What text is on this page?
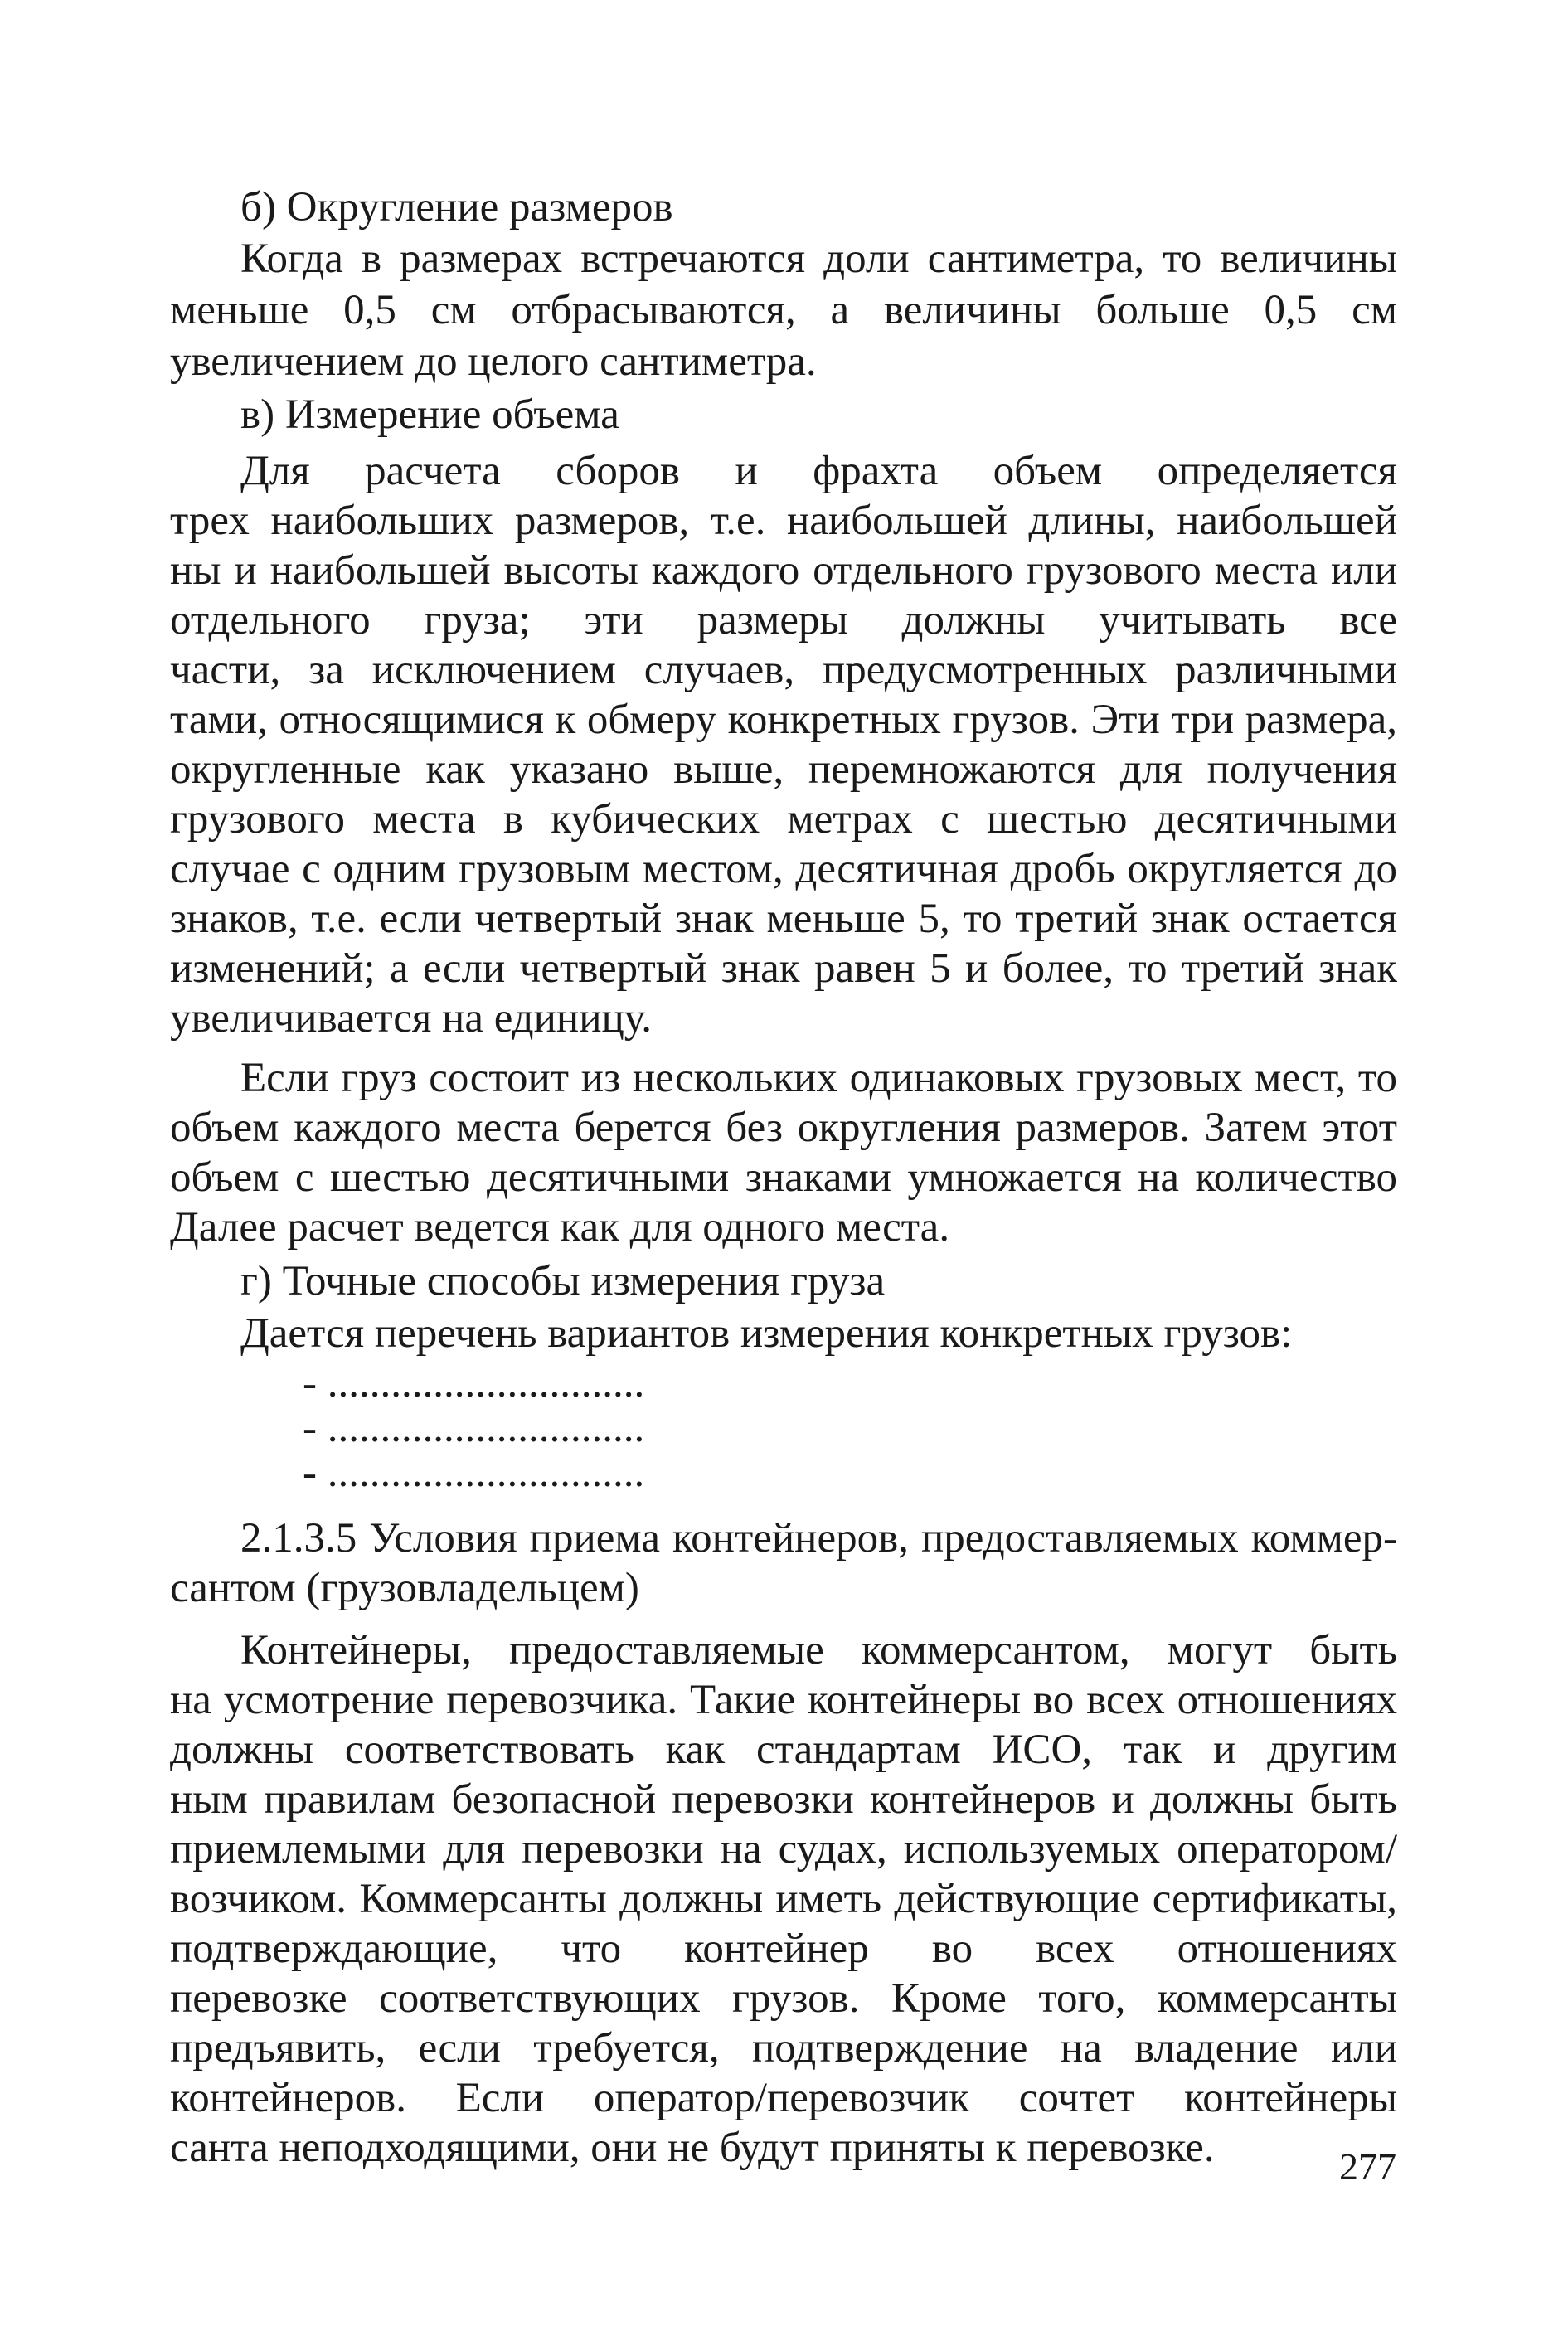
б) Округление размеров
Когда в размерах встречаются доли сантиметра, то величины
меньше 0,5 см отбрасываются, а величины больше 0,5 см
увеличением до целого сантиметра.
в) Измерение объема
Для расчета сборов и фрахта объем определяется
трех наибольших размеров, т.е. наибольшей длины, наибольшей
ны и наибольшей высоты каждого отдельного грузового места или
отдельного груза; эти размеры должны учитывать все
части, за исключением случаев, предусмотренных различными
тами, относящимися к обмеру конкретных грузов. Эти три размера,
округленные как указано выше, перемножаются для получения
грузового места в кубических метрах с шестью десятичными
случае с одним грузовым местом, десятичная дробь округляется до
знаков, т.е. если четвертый знак меньше 5, то третий знак остается
изменений; а если четвертый знак равен 5 и более, то третий знак
увеличивается на единицу.
Если груз состоит из нескольких одинаковых грузовых мест, то
объем каждого места берется без округления размеров. Затем этот
объем с шестью десятичными знаками умножается на количество
Далее расчет ведется как для одного места.
г) Точные способы измерения груза
Дается перечень вариантов измерения конкретных грузов:
- ..............................
- ..............................
- ..............................
2.1.3.5 Условия приема контейнеров, предоставляемых коммер-
сантом (грузовладельцем)
Контейнеры, предоставляемые коммерсантом, могут быть
на усмотрение перевозчика. Такие контейнеры во всех отношениях
должны соответствовать как стандартам ИСО, так и другим
ным правилам безопасной перевозки контейнеров и должны быть
приемлемыми для перевозки на судах, используемых оператором/
возчиком. Коммерсанты должны иметь действующие сертификаты,
подтверждающие, что контейнер во всех отношениях
перевозке соответствующих грузов. Кроме того, коммерсанты
предъявить, если требуется, подтверждение на владение или
контейнеров. Если оператор/перевозчик сочтет контейнеры
санта неподходящими, они не будут приняты к перевозке.	277
